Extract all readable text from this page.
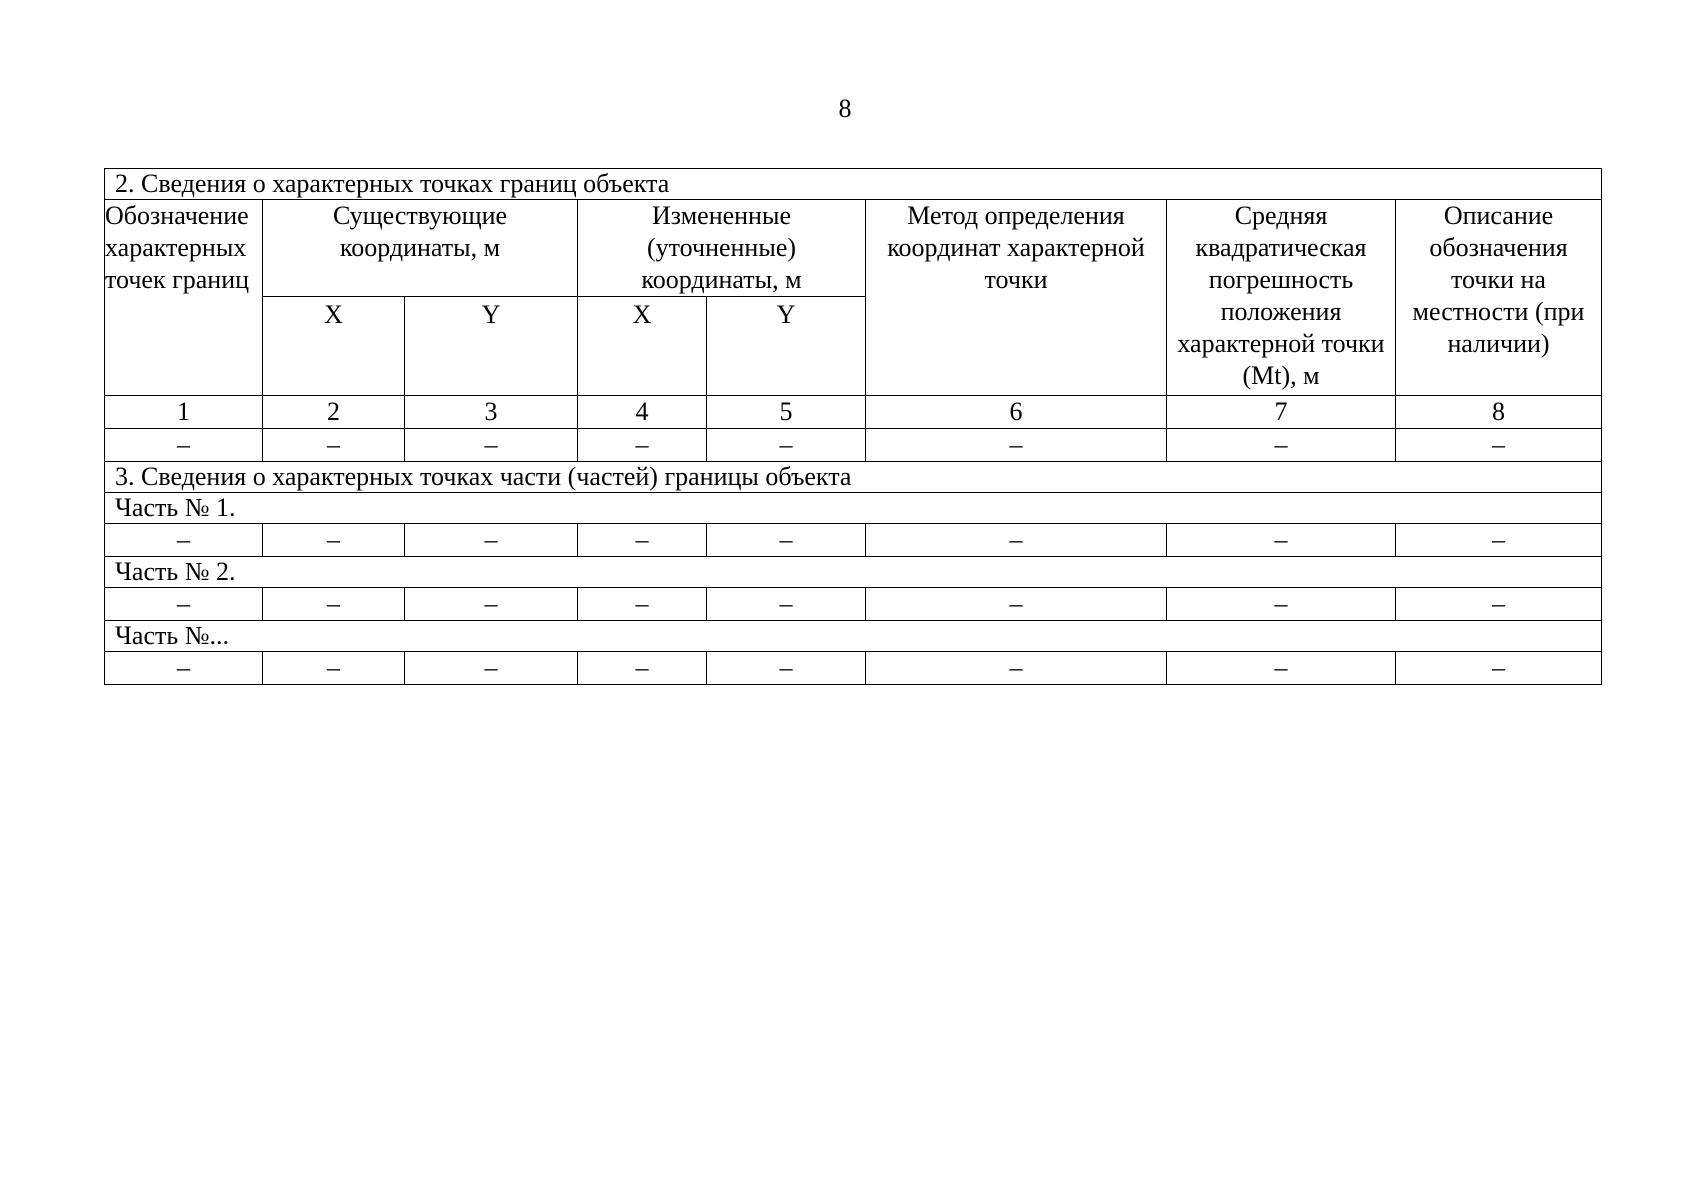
8
2. Сведения о характерных точках границ объекта							
Обозначение характерных точек границ	Существующие координаты, м		Измененные (уточненные) координаты, м		Метод определения координат характерной точки	Средняя квадратическая погрешность положения характерной точки (Mt), м	Описание обозначения точки на местности (при наличии)
	X	Y	X	Y			
1	2	3	4	5	6	7	8
–	–	–	–	–	–	–	–
3. Сведения о характерных точках части (частей) границы объекта							
Часть № 1.							
–	–	–	–	–	–	–	–
Часть № 2.							
–	–	–	–	–	–	–	–
Часть №...							
–	–	–	–	–	–	–	–
